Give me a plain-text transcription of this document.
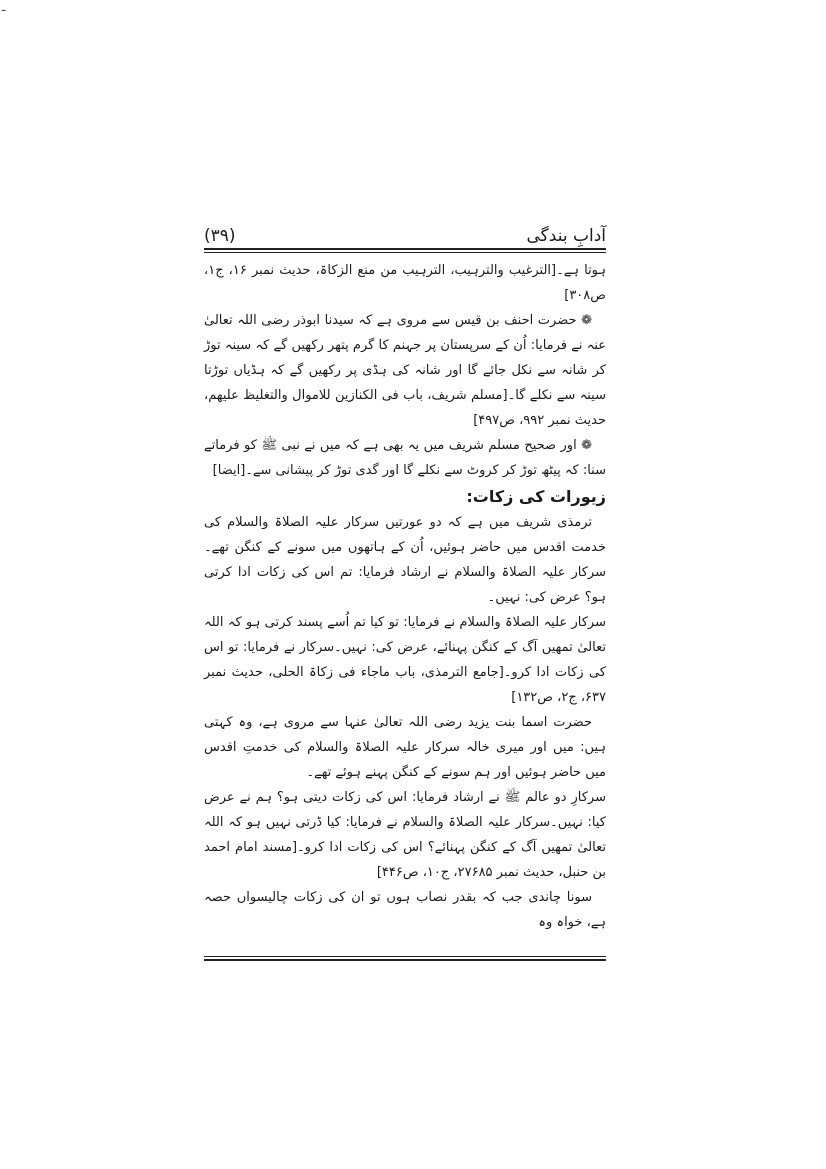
ـ
(۳۹)	آدابِ بندگی

ہوتا ہے۔[الترغیب والترہیب، الترہیب من منع الزکاۃ، حدیث نمبر ۱۶، ج۱، ص۳۰۸]

❁ حضرت احنف بن قیس سے مروی ہے کہ سیدنا ابوذر رضی اللہ تعالیٰ عنہ نے فرمایا: اُن کے سرپستان پر جہنم کا گرم پتھر رکھیں گے کہ سینہ توڑ کر شانہ سے نکل جائے گا اور شانہ کی ہڈی پر رکھیں گے کہ ہڈیاں توڑتا سینہ سے نکلے گا۔[مسلم شریف، باب فی الکنازین للاموال والتغلیظ علیھم، حدیث نمبر ۹۹۲، ص۴۹۷]

❁ اور صحیح مسلم شریف میں یہ بھی ہے کہ میں نے نبی ﷺ کو فرماتے سنا: کہ پیٹھ توڑ کر کروٹ سے نکلے گا اور گدی توڑ کر پیشانی سے۔[ایضا]

زیورات کی زکات:

ترمذی شریف میں ہے کہ دو عورتیں سرکار علیہ الصلاۃ والسلام کی خدمت اقدس میں حاضر ہوئیں، اُن کے ہاتھوں میں سونے کے کنگن تھے۔سرکار علیہ الصلاۃ والسلام نے ارشاد فرمایا: تم اس کی زکات ادا کرتی ہو؟ عرض کی: نہیں۔

سرکار علیہ الصلاۃ والسلام نے فرمایا: تو کیا تم اُسے پسند کرتی ہو کہ اللہ تعالیٰ تمھیں آگ کے کنگن پہنائے، عرض کی: نہیں۔سرکار نے فرمایا: تو اس کی زکات ادا کرو۔[جامع الترمذی، باب ماجاء فی زکاۃ الحلی، حدیث نمبر ۶۳۷، ج۲، ص۱۳۲]

حضرت اسما بنت یزید رضی اللہ تعالیٰ عنہا سے مروی ہے، وہ کہتی ہیں: میں اور میری خالہ سرکار علیہ الصلاۃ والسلام کی خدمتِ اقدس میں حاضر ہوئیں اور ہم سونے کے کنگن پہنے ہوئے تھے۔

سرکارِ دو عالم ﷺ نے ارشاد فرمایا: اس کی زکات دیتی ہو؟ ہم نے عرض کیا: نہیں۔سرکار علیہ الصلاۃ والسلام نے فرمایا: کیا ڈرتی نہیں ہو کہ اللہ تعالیٰ تمھیں آگ کے کنگن پہنائے؟ اس کی زکات ادا کرو۔[مسند امام احمد بن حنبل، حدیث نمبر ۲۷۶۸۵، ج۱۰، ص۴۴۶]

سونا چاندی جب کہ بقدر نصاب ہوں تو ان کی زکات چالیسواں حصہ ہے، خواہ وہ
